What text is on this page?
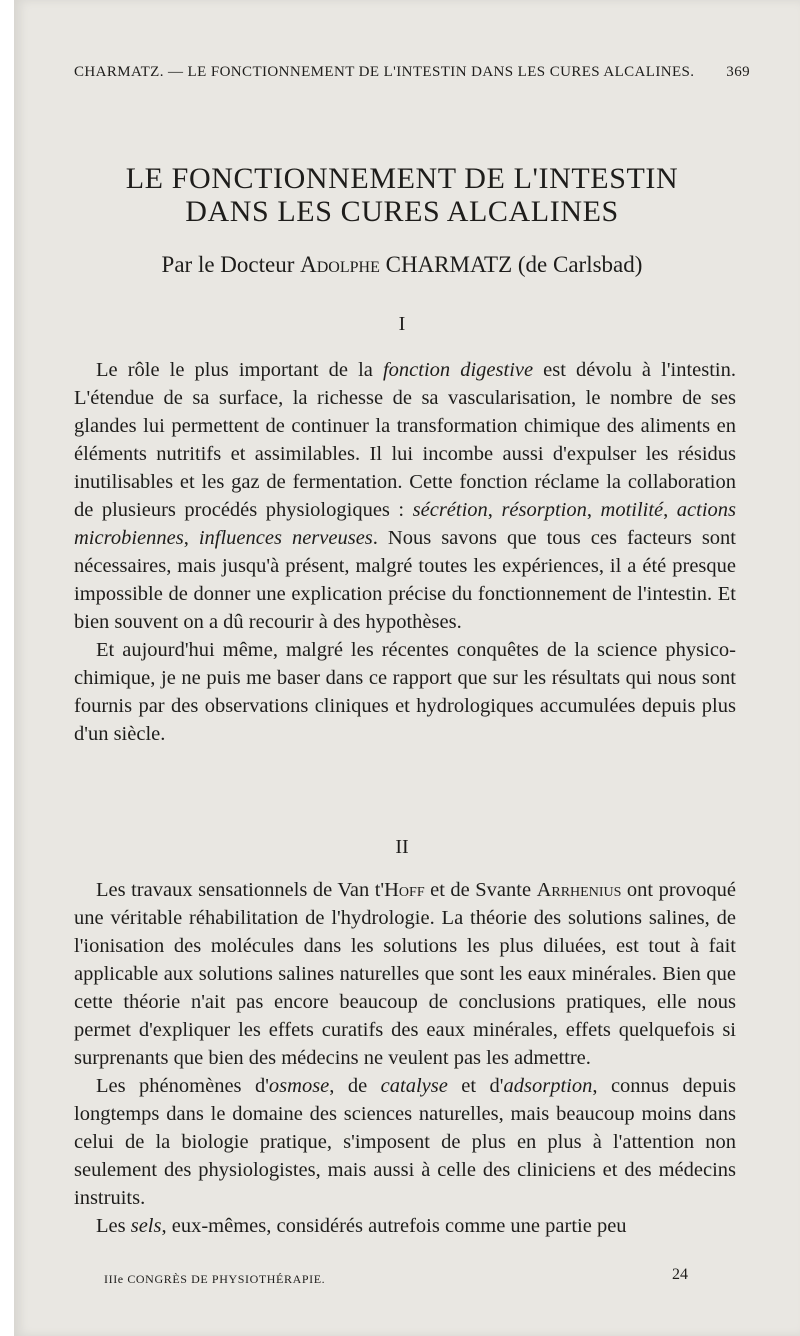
CHARMATZ. — LE FONCTIONNEMENT DE L'INTESTIN DANS LES CURES ALCALINES. 369
LE FONCTIONNEMENT DE L'INTESTIN
DANS LES CURES ALCALINES
Par le Docteur Adolphe CHARMATZ (de Carlsbad)
I

Le rôle le plus important de la fonction digestive est dévolu à l'intestin. L'étendue de sa surface, la richesse de sa vascularisation, le nombre de ses glandes lui permettent de continuer la transformation chimique des aliments en éléments nutritifs et assimilables. Il lui incombe aussi d'expulser les résidus inutilisables et les gaz de fermentation. Cette fonction réclame la collaboration de plusieurs procédés physiologiques : sécrétion, résorption, motilité, actions microbiennes, influences nerveuses. Nous savons que tous ces facteurs sont nécessaires, mais jusqu'à présent, malgré toutes les expériences, il a été presque impossible de donner une explication précise du fonctionnement de l'intestin. Et bien souvent on a dû recourir à des hypothèses.

Et aujourd'hui même, malgré les récentes conquêtes de la science physico-chimique, je ne puis me baser dans ce rapport que sur les résultats qui nous sont fournis par des observations cliniques et hydrologiques accumulées depuis plus d'un siècle.

II

Les travaux sensationnels de Van t'Hoff et de Svante Arrhenius ont provoqué une véritable réhabilitation de l'hydrologie. La théorie des solutions salines, de l'ionisation des molécules dans les solutions les plus diluées, est tout à fait applicable aux solutions salines naturelles que sont les eaux minérales. Bien que cette théorie n'ait pas encore beaucoup de conclusions pratiques, elle nous permet d'expliquer les effets curatifs des eaux minérales, effets quelquefois si surprenants que bien des médecins ne veulent pas les admettre.

Les phénomènes d'osmose, de catalyse et d'adsorption, connus depuis longtemps dans le domaine des sciences naturelles, mais beaucoup moins dans celui de la biologie pratique, s'imposent de plus en plus à l'attention non seulement des physiologistes, mais aussi à celle des cliniciens et des médecins instruits.

Les sels, eux-mêmes, considérés autrefois comme une partie peu

IIIe CONGRÈS DE PHYSIOTHÉRAPIE.	24
